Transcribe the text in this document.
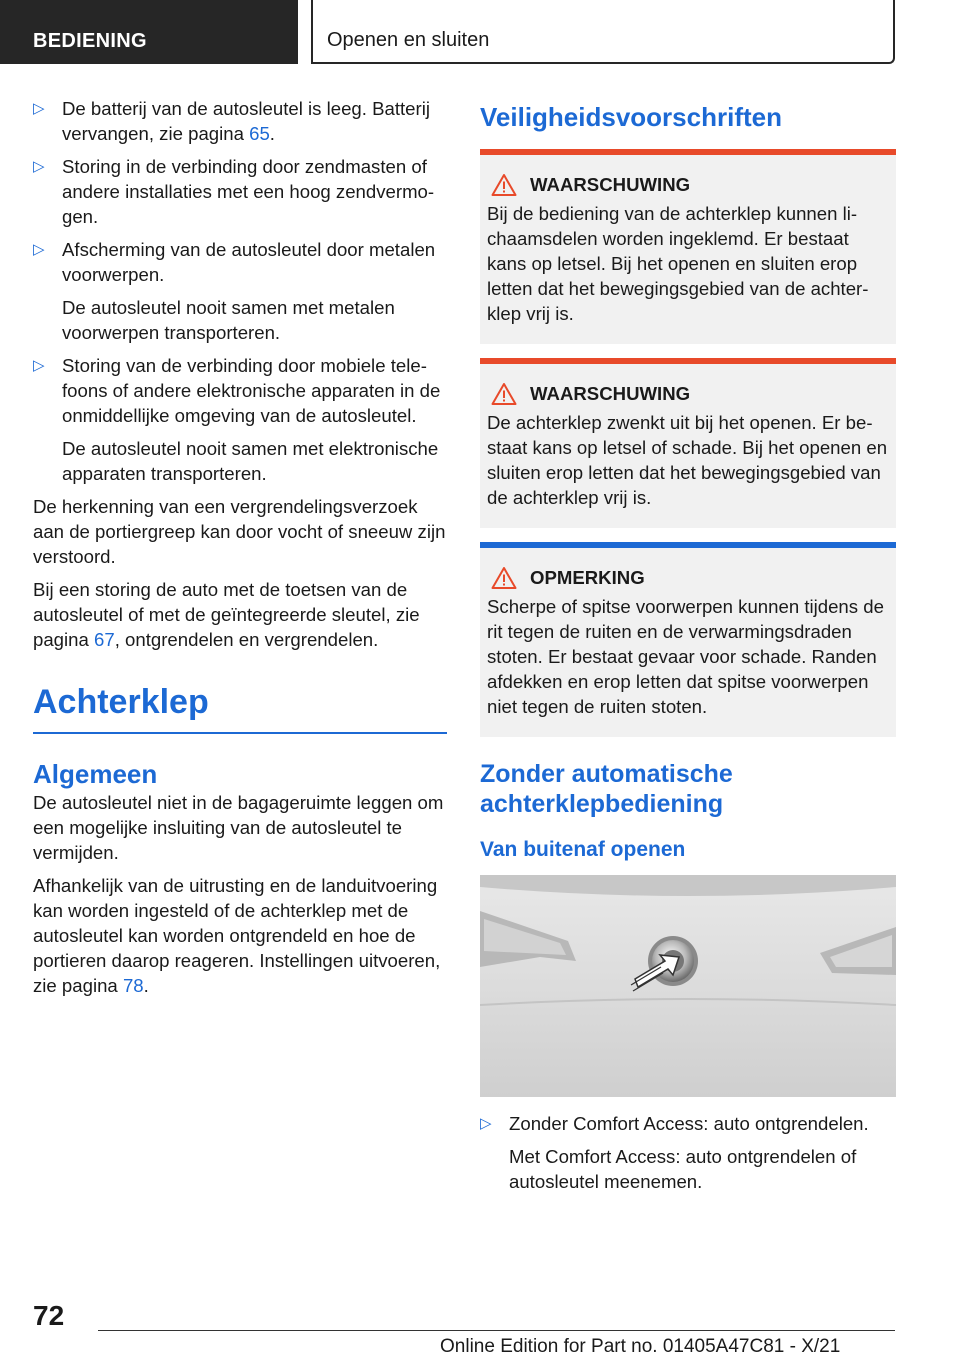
BEDIENING	Openen en sluiten
▷ De batterij van de autosleutel is leeg. Batterij vervangen, zie pagina 65.
▷ Storing in de verbinding door zendmasten of andere installaties met een hoog zendvermogen.
▷ Afscherming van de autosleutel door metalen voorwerpen.
De autosleutel nooit samen met metalen voorwerpen transporteren.
▷ Storing van de verbinding door mobiele telefoons of andere elektronische apparaten in de onmiddellijke omgeving van de autosleutel.
De autosleutel nooit samen met elektronische apparaten transporteren.

De herkenning van een vergrendelingsverzoek aan de portiergreep kan door vocht of sneeuw zijn verstoord.

Bij een storing de auto met de toetsen van de autosleutel of met de geïntegreerde sleutel, zie pagina 67, ontgrendelen en vergrendelen.

Achterklep
Algemeen

De autosleutel niet in de bagageruimte leggen om een mogelijke insluiting van de autosleutel te vermijden.

Afhankelijk van de uitrusting en de landuitvoering kan worden ingesteld of de achterklep met de autosleutel kan worden ontgrendeld en hoe de portieren daarop reageren. Instellingen uitvoeren, zie pagina 78.

Veiligheidsvoorschriften
WAARSCHUWING
Bij de bediening van de achterklep kunnen lichaamsdelen worden ingeklemd. Er bestaat kans op letsel. Bij het openen en sluiten erop letten dat het bewegingsgebied van de achterklep vrij is.
WAARSCHUWING
De achterklep zwenkt uit bij het openen. Er bestaat kans op letsel of schade. Bij het openen en sluiten erop letten dat het bewegingsgebied van de achterklep vrij is.
OPMERKING
Scherpe of spitse voorwerpen kunnen tijdens de rit tegen de ruiten en de verwarmingsdraden stoten. Er bestaat gevaar voor schade. Randen afdekken en erop letten dat spitse voorwerpen niet tegen de ruiten stoten.
Zonder automatische achterklepbediening
Van buitenaf openen
▷ Zonder Comfort Access: auto ontgrendelen.
Met Comfort Access: auto ontgrendelen of autosleutel meenemen.
72
Online Edition for Part no. 01405A47C81 - X/21
